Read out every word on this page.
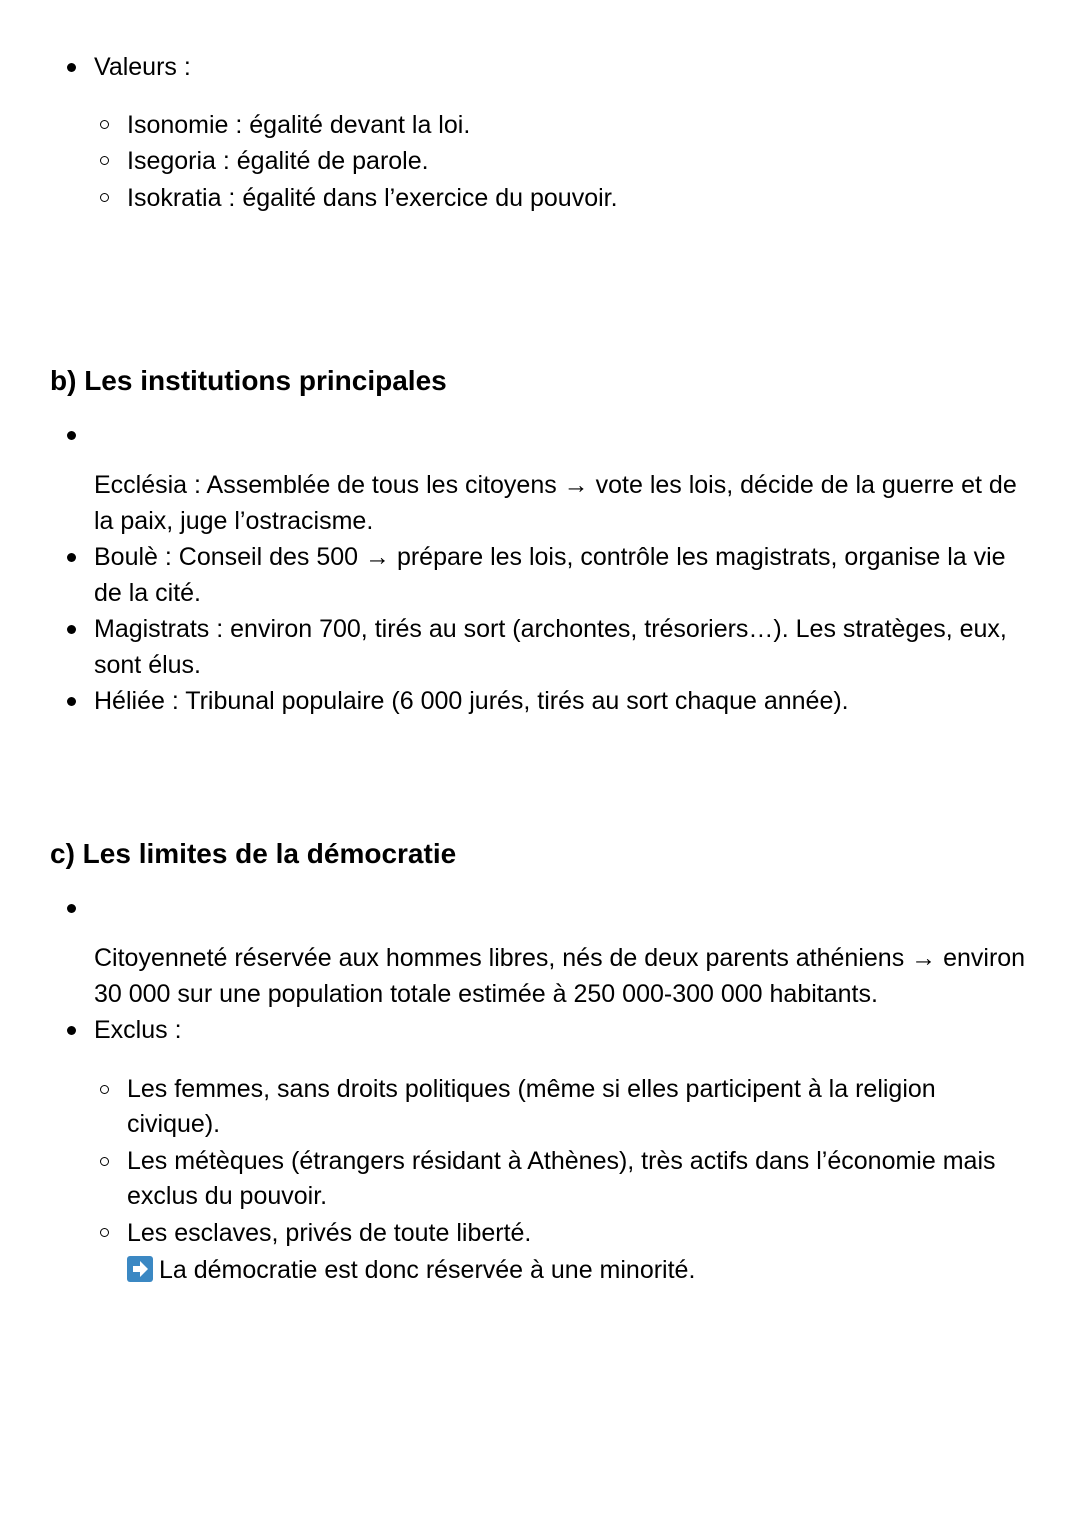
Valeurs :
Isonomie : égalité devant la loi.
Isegoria : égalité de parole.
Isokratia : égalité dans l’exercice du pouvoir.
b) Les institutions principales
Ecclésia : Assemblée de tous les citoyens → vote les lois, décide de la guerre et de la paix, juge l’ostracisme.
Boulè : Conseil des 500 → prépare les lois, contrôle les magistrats, organise la vie de la cité.
Magistrats : environ 700, tirés au sort (archontes, trésoriers…). Les stratèges, eux, sont élus.
Héliée : Tribunal populaire (6 000 jurés, tirés au sort chaque année).
c) Les limites de la démocratie
Citoyenneté réservée aux hommes libres, nés de deux parents athéniens → environ 30 000 sur une population totale estimée à 250 000-300 000 habitants.
Exclus :
Les femmes, sans droits politiques (même si elles participent à la religion civique).
Les métèques (étrangers résidant à Athènes), très actifs dans l’économie mais exclus du pouvoir.
Les esclaves, privés de toute liberté.
La démocratie est donc réservée à une minorité.
